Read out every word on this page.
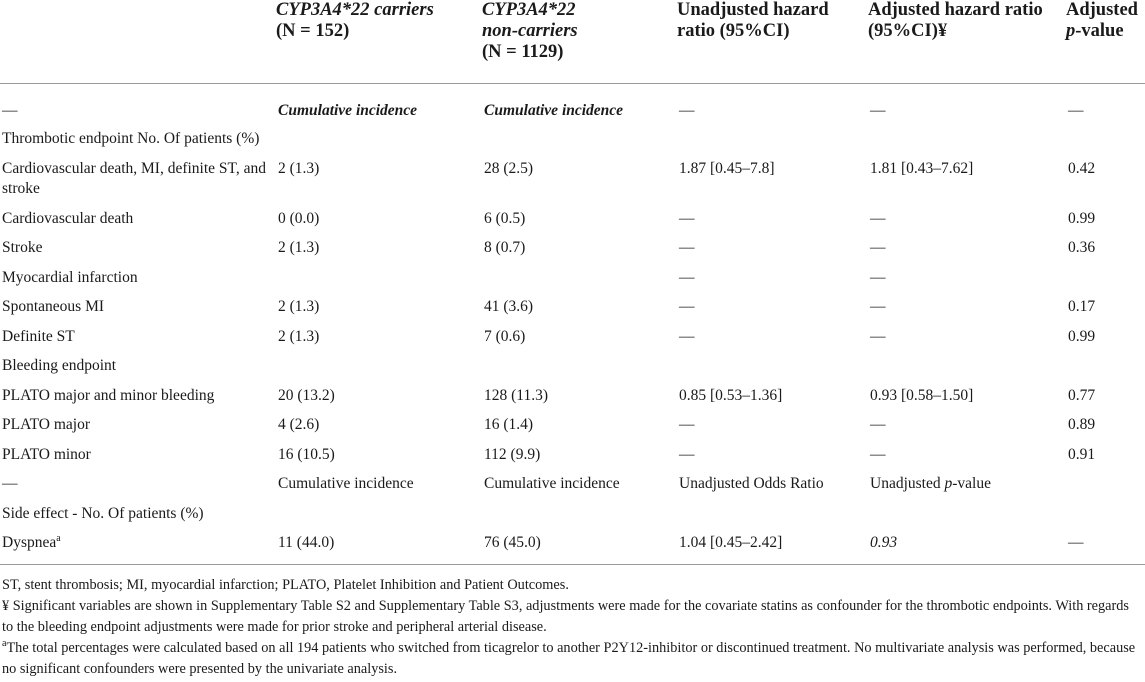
	CYP3A4*22 carriers
(N = 152)	CYP3A4*22
non-carriers
(N = 1129)	Unadjusted hazard ratio (95%CI)	Adjusted hazard ratio (95%CI)¥	Adjusted
p-value
—	Cumulative incidence	Cumulative incidence	—	—	—
Thrombotic endpoint No. Of patients (%)					
Cardiovascular death, MI, definite ST, and stroke	2 (1.3)	28 (2.5)	1.87 [0.45–7.8]	1.81 [0.43–7.62]	0.42
Cardiovascular death	0 (0.0)	6 (0.5)	—	—	0.99
Stroke	2 (1.3)	8 (0.7)	—	—	0.36
Myocardial infarction			—	—	
Spontaneous MI	2 (1.3)	41 (3.6)	—	—	0.17
Definite ST	2 (1.3)	7 (0.6)	—	—	0.99
Bleeding endpoint					
PLATO major and minor bleeding	20 (13.2)	128 (11.3)	0.85 [0.53–1.36]	0.93 [0.58–1.50]	0.77
PLATO major	4 (2.6)	16 (1.4)	—	—	0.89
PLATO minor	16 (10.5)	112 (9.9)	—	—	0.91
—	Cumulative incidence	Cumulative incidence	Unadjusted Odds Ratio	Unadjusted p-value	
Side effect - No. Of patients (%)					
Dyspnea$^a$	11 (44.0)	76 (45.0)	1.04 [0.45–2.42]	0.93	—

ST, stent thrombosis; MI, myocardial infarction; PLATO, Platelet Inhibition and Patient Outcomes.

¥ Significant variables are shown in Supplementary Table S2 and Supplementary Table S3, adjustments were made for the covariate statins as confounder for the thrombotic endpoints. With regards to the bleeding endpoint adjustments were made for prior stroke and peripheral arterial disease.

$^a$The total percentages were calculated based on all 194 patients who switched from ticagrelor to another P2Y12-inhibitor or discontinued treatment. No multivariate analysis was performed, because no significant confounders were presented by the univariate analysis.
